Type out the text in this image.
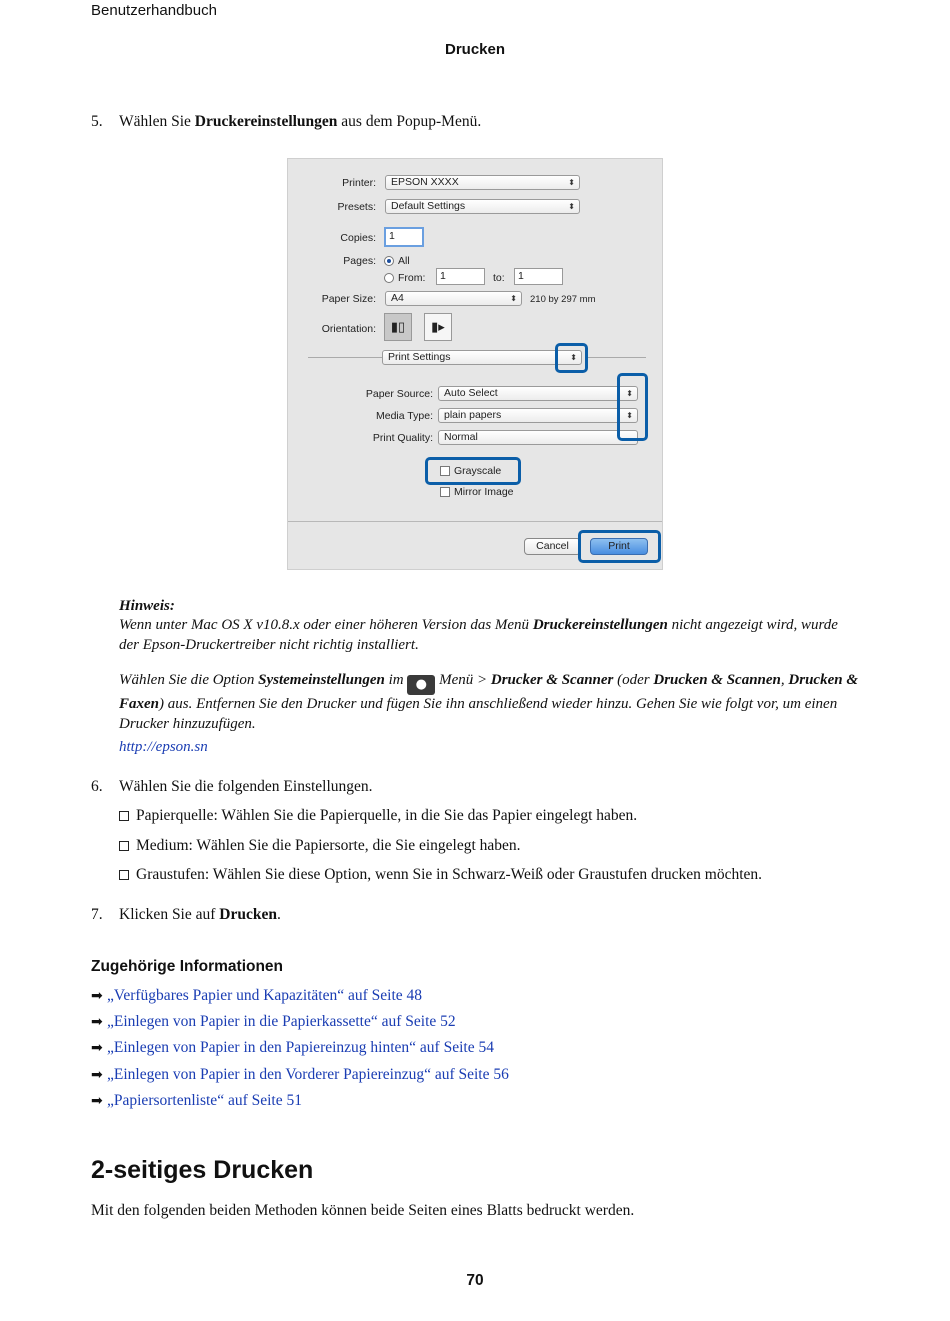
Benutzerhandbuch
Drucken
5. Wählen Sie Druckereinstellungen aus dem Popup-Menü.
Printer:	EPSON XXXX	⬍
Presets:	Default Settings	⬍
Copies:	1
Pages: All
From:	1	to:	1
Paper Size:	A4	⬍ 210 by 297 mm
Orientation:	▮▯	▮▸
Print Settings	⬍
Paper Source:	Auto Select	⬍
Media Type:	plain papers	⬍
Print Quality:	Normal
Grayscale
Mirror Image
Cancel	Print
Hinweis:
Wenn unter Mac OS X v10.8.x oder einer höheren Version das Menü Druckereinstellungen nicht angezeigt wird, wurde der Epson-Druckertreiber nicht richtig installiert.
Wählen Sie die Option Systemeinstellungen im ● Menü > Drucker & Scanner (oder Drucken & Scannen, Drucken & Faxen) aus. Entfernen Sie den Drucker und fügen Sie ihn anschließend wieder hinzu. Gehen Sie wie folgt vor, um einen Drucker hinzuzufügen.
http://epson.sn
6. Wählen Sie die folgenden Einstellungen.
Papierquelle: Wählen Sie die Papierquelle, in die Sie das Papier eingelegt haben.
Medium: Wählen Sie die Papiersorte, die Sie eingelegt haben.
Graustufen: Wählen Sie diese Option, wenn Sie in Schwarz-Weiß oder Graustufen drucken möchten.
7. Klicken Sie auf Drucken.
Zugehörige Informationen
➡ „Verfügbares Papier und Kapazitäten“ auf Seite 48
➡ „Einlegen von Papier in die Papierkassette“ auf Seite 52
➡ „Einlegen von Papier in den Papiereinzug hinten“ auf Seite 54
➡ „Einlegen von Papier in den Vorderer Papiereinzug“ auf Seite 56
➡ „Papiersortenliste“ auf Seite 51
2-seitiges Drucken
Mit den folgenden beiden Methoden können beide Seiten eines Blatts bedruckt werden.
70
